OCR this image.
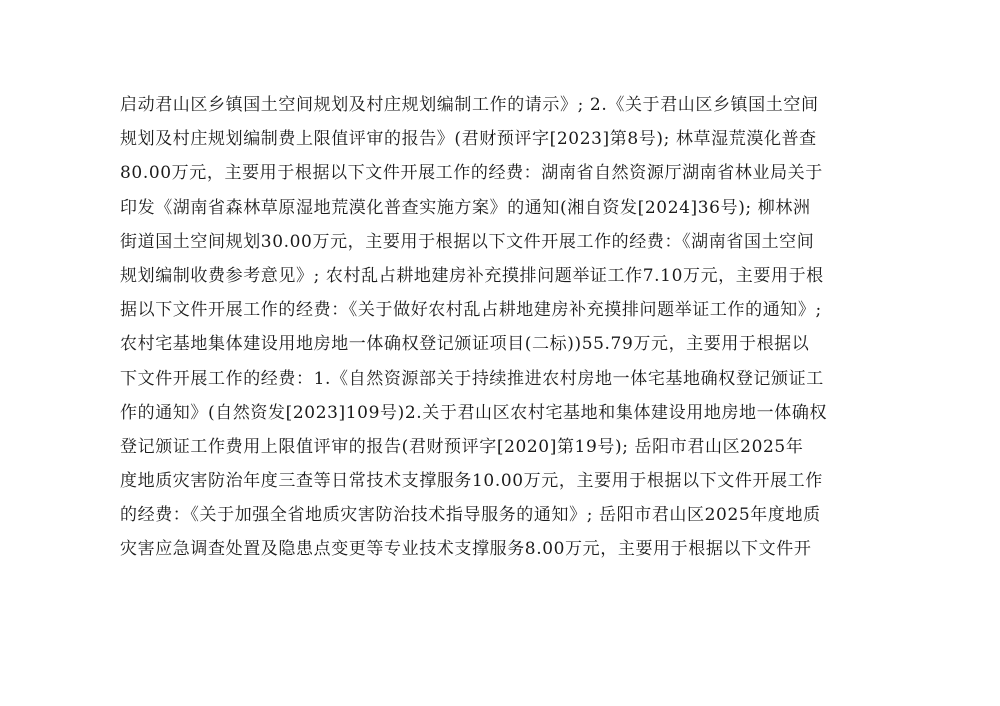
启动君山区乡镇国土空间规划及村庄规划编制工作的请示》; 2.《关于君山区乡镇国土空间
规划及村庄规划编制费上限值评审的报告》(君财预评字[2023]第8号); 林草湿荒漠化普查
80.00万元，主要用于根据以下文件开展工作的经费：湖南省自然资源厅湖南省林业局关于
印发《湖南省森林草原湿地荒漠化普查实施方案》的通知(湘自资发[2024]36号); 柳林洲
街道国土空间规划30.00万元，主要用于根据以下文件开展工作的经费：《湖南省国土空间
规划编制收费参考意见》; 农村乱占耕地建房补充摸排问题举证工作7.10万元，主要用于根
据以下文件开展工作的经费：《关于做好农村乱占耕地建房补充摸排问题举证工作的通知》;
农村宅基地集体建设用地房地一体确权登记颁证项目(二标))55.79万元，主要用于根据以
下文件开展工作的经费：1.《自然资源部关于持续推进农村房地一体宅基地确权登记颁证工
作的通知》(自然资发[2023]109号)2.关于君山区农村宅基地和集体建设用地房地一体确权
登记颁证工作费用上限值评审的报告(君财预评字[2020]第19号); 岳阳市君山区2025年
度地质灾害防治年度三查等日常技术支撑服务10.00万元，主要用于根据以下文件开展工作
的经费：《关于加强全省地质灾害防治技术指导服务的通知》; 岳阳市君山区2025年度地质
灾害应急调查处置及隐患点变更等专业技术支撑服务8.00万元，主要用于根据以下文件开
